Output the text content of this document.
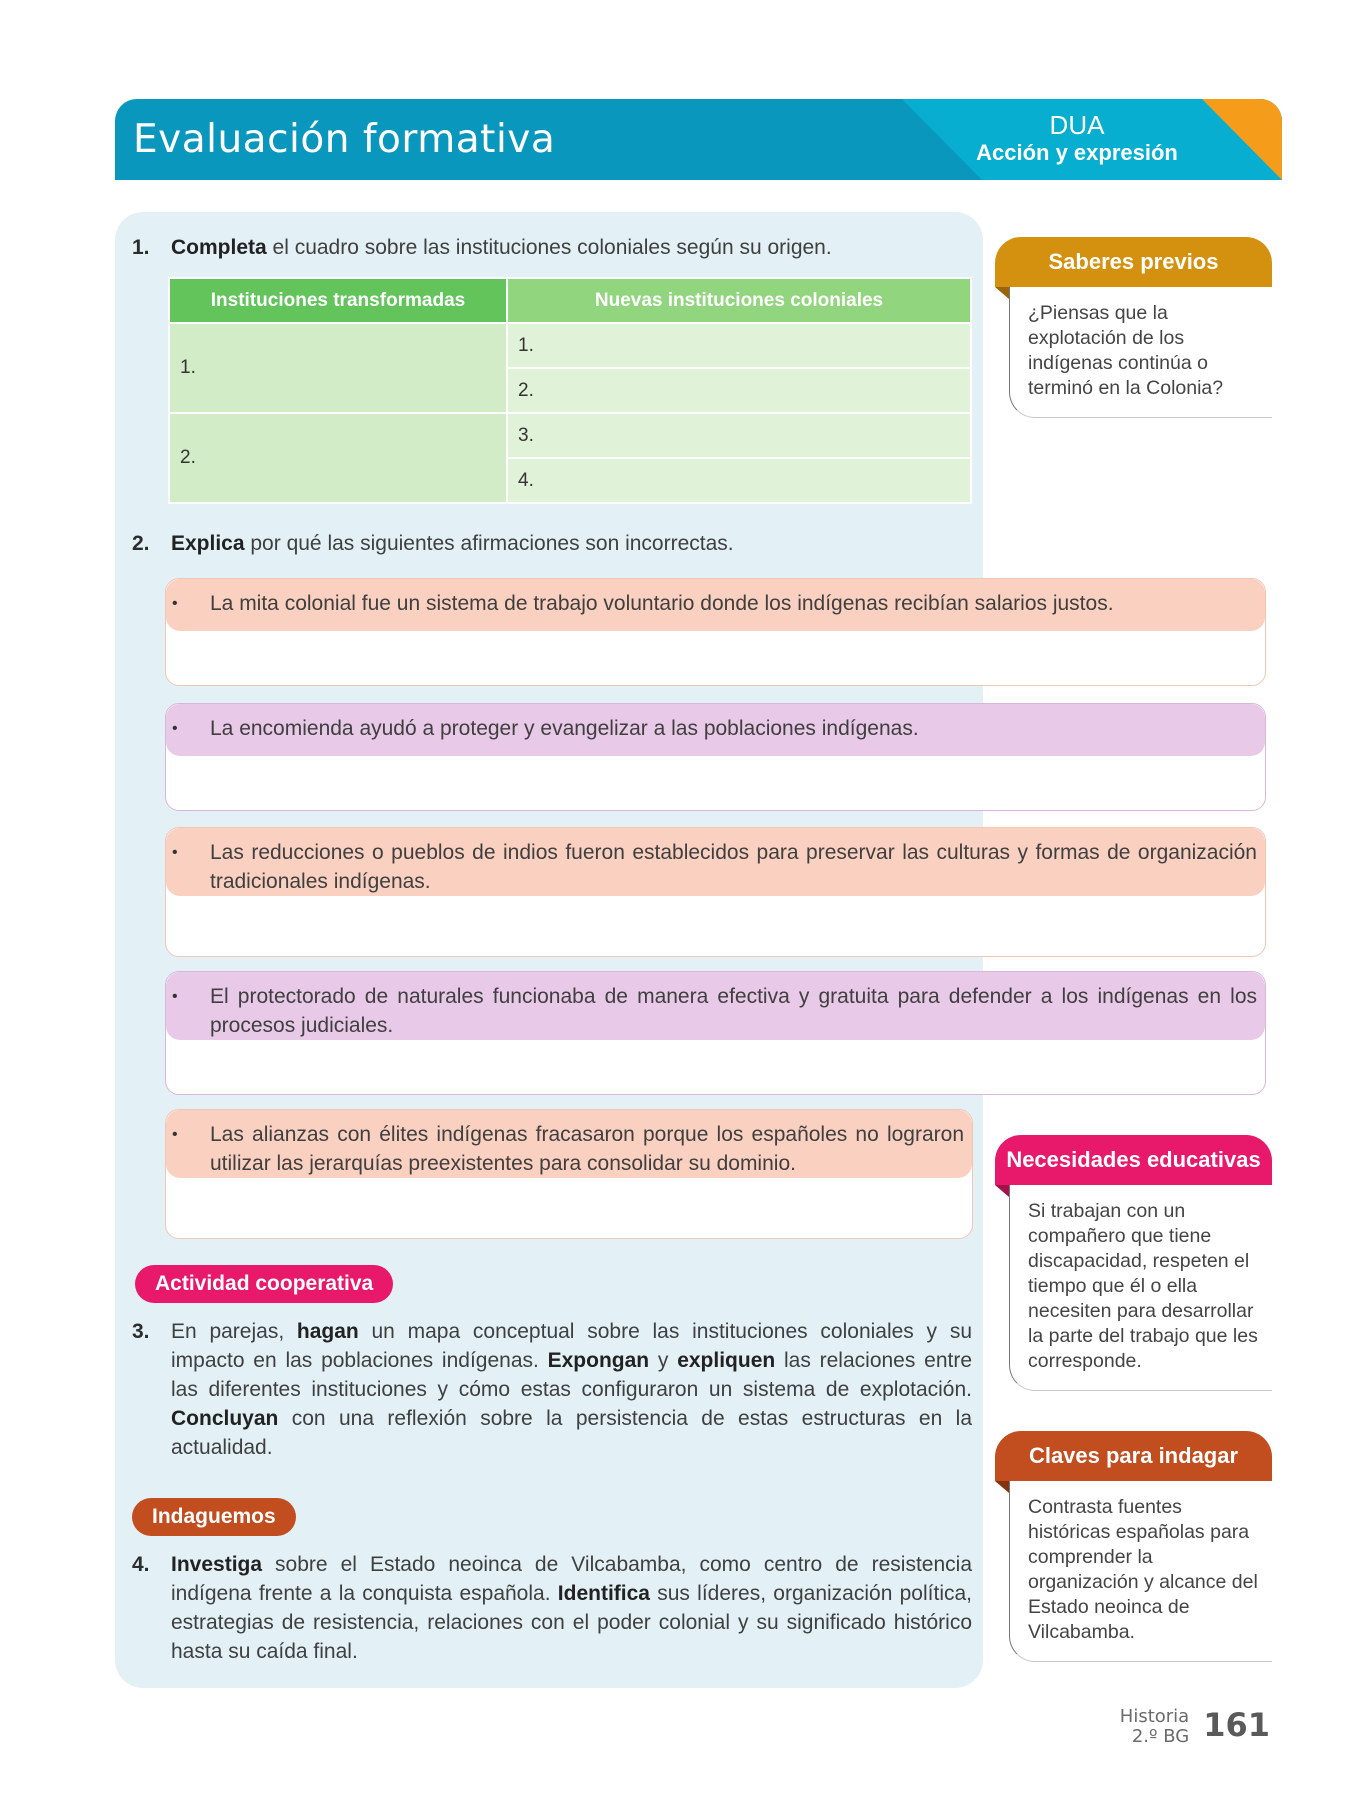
Evaluación formativa	DUA
Acción y expresión
1. Completa el cuadro sobre las instituciones coloniales según su origen.
Instituciones transformadas	Nuevas instituciones coloniales
1.	1.
	2.
2.	3.
	4.
2. Explica por qué las siguientes afirmaciones son incorrectas.
• La mita colonial fue un sistema de trabajo voluntario donde los indígenas recibían salarios justos.
• La encomienda ayudó a proteger y evangelizar a las poblaciones indígenas.
• Las reducciones o pueblos de indios fueron establecidos para preservar las culturas y formas de organización tradicionales indígenas.
• El protectorado de naturales funcionaba de manera efectiva y gratuita para defender a los indígenas en los procesos judiciales.
• Las alianzas con élites indígenas fracasaron porque los españoles no lograron utilizar las jerarquías preexistentes para consolidar su dominio.
Actividad cooperativa
3. En parejas, hagan un mapa conceptual sobre las instituciones coloniales y su impacto en las poblaciones indígenas. Expongan y expliquen las relaciones entre las diferentes instituciones y cómo estas configuraron un sistema de explotación. Concluyan con una reflexión sobre la persistencia de estas estructuras en la actualidad.
Indaguemos
4. Investiga sobre el Estado neoinca de Vilcabamba, como centro de resistencia indígena frente a la conquista española. Identifica sus líderes, organización política, estrategias de resistencia, relaciones con el poder colonial y su significado histórico hasta su caída final.
Saberes previos
¿Piensas que la explotación de los indígenas continúa o terminó en la Colonia?
Necesidades educativas
Si trabajan con un compañero que tiene discapacidad, respeten el tiempo que él o ella necesiten para desarrollar la parte del trabajo que les corresponde.
Claves para indagar
Contrasta fuentes históricas españolas para comprender la organización y alcance del Estado neoinca de Vilcabamba.
Historia
2.º BG 161
